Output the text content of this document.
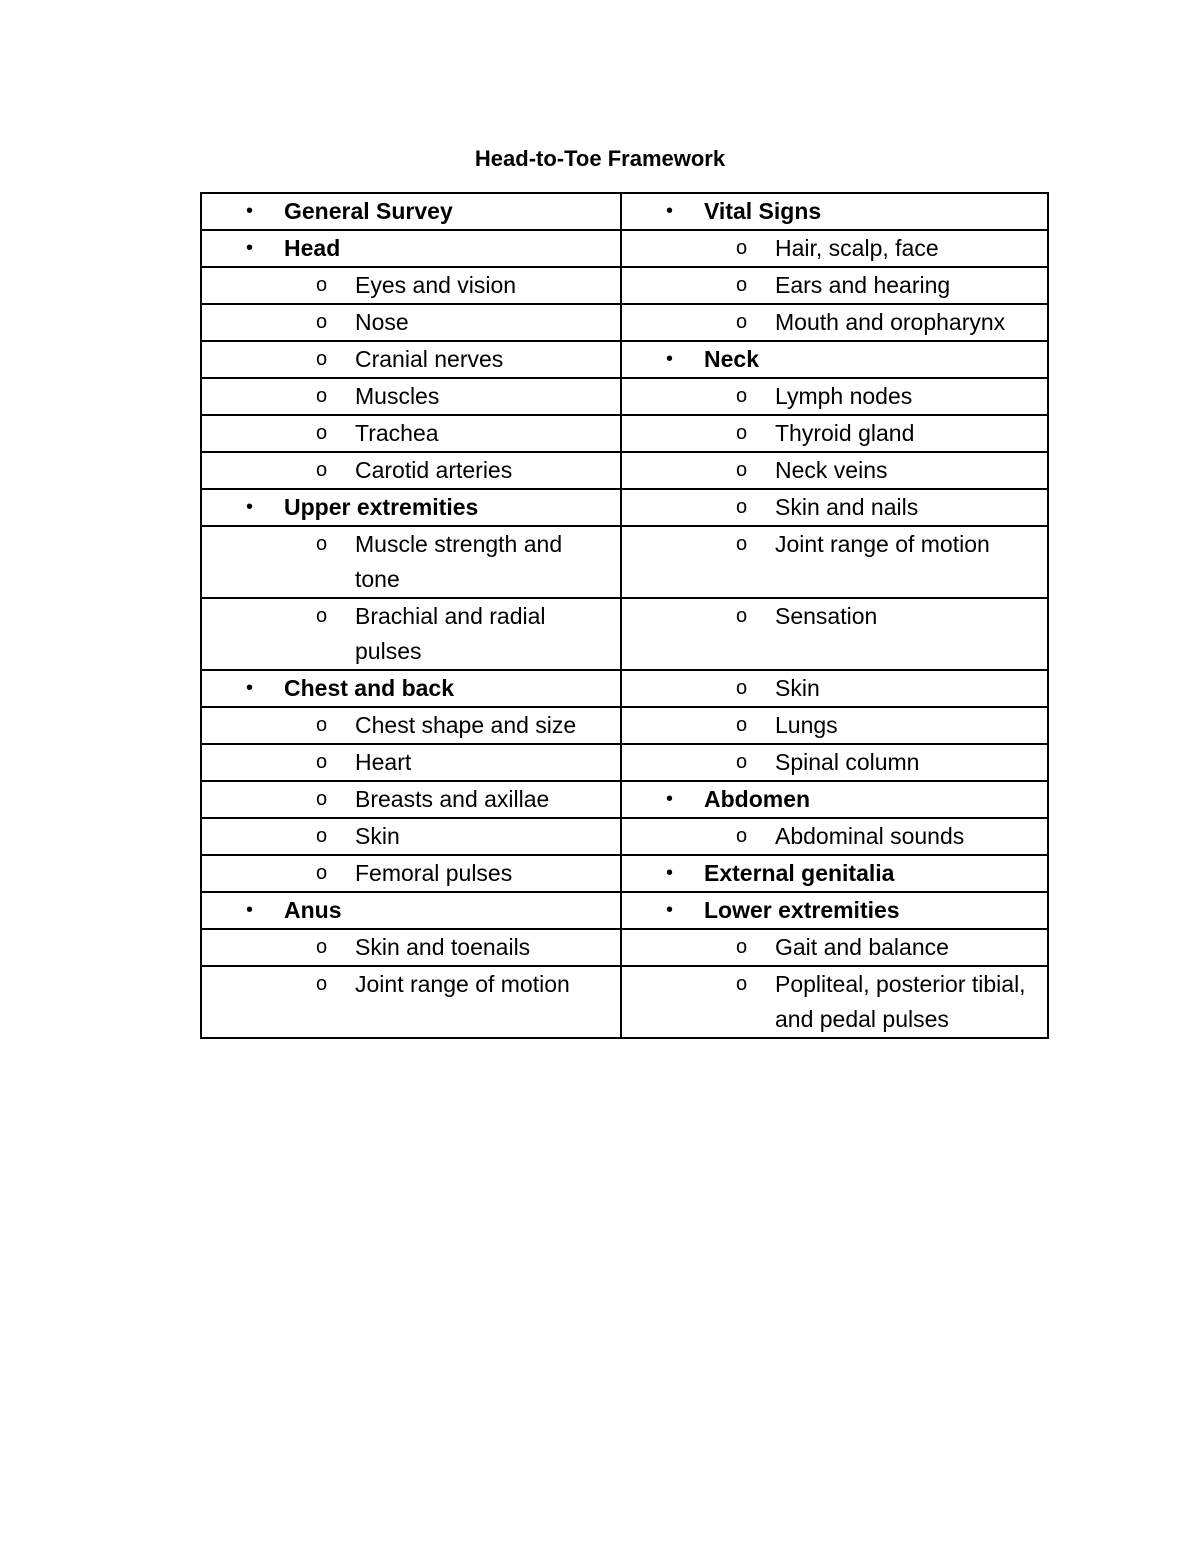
Head-to-Toe Framework
• General Survey	• Vital Signs

• Head	o Hair, scalp, face

o Eyes and vision	o Ears and hearing

o Nose	o Mouth and oropharynx

o Cranial nerves	• Neck

o Muscles	o Lymph nodes

o Trachea	o Thyroid gland

o Carotid arteries	o Neck veins

• Upper extremities	o Skin and nails

o Muscle strength and tone	o Joint range of motion

o Brachial and radial pulses	o Sensation

• Chest and back	o Skin

o Chest shape and size	o Lungs

o Heart	o Spinal column

o Breasts and axillae	• Abdomen

o Skin	o Abdominal sounds

o Femoral pulses	• External genitalia

• Anus	• Lower extremities

o Skin and toenails	o Gait and balance

o Joint range of motion	o Popliteal, posterior tibial, and pedal pulses
